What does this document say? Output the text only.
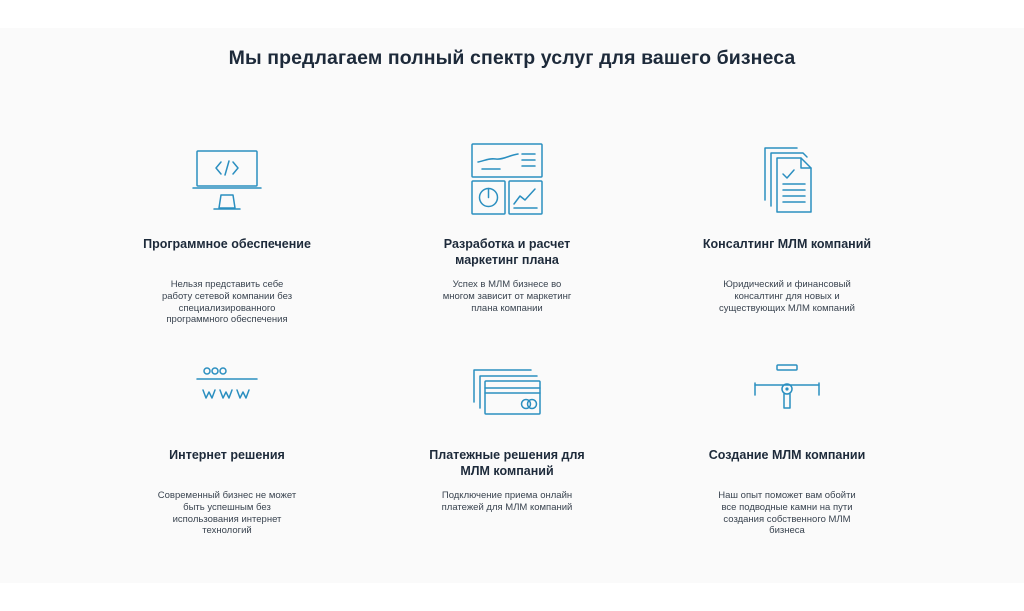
Мы предлагаем полный спектр услуг для вашего бизнеса
Программное обеспечение
Нельзя представить себе
работу сетевой компании без
специализированного
программного обеспечения
Разработка и расчет
маркетинг плана
Успех в МЛМ бизнесе во
многом зависит от маркетинг
плана компании
Консалтинг МЛМ компаний
Юридический и финансовый
консалтинг для новых и
существующих МЛМ компаний
Интернет решения
Современный бизнес не может
быть успешным без
использования интернет
технологий
Платежные решения для
МЛМ компаний
Подключение приема онлайн
платежей для МЛМ компаний
Создание МЛМ компании
Наш опыт поможет вам обойти
все подводные камни на пути
создания собственного МЛМ
бизнеса
